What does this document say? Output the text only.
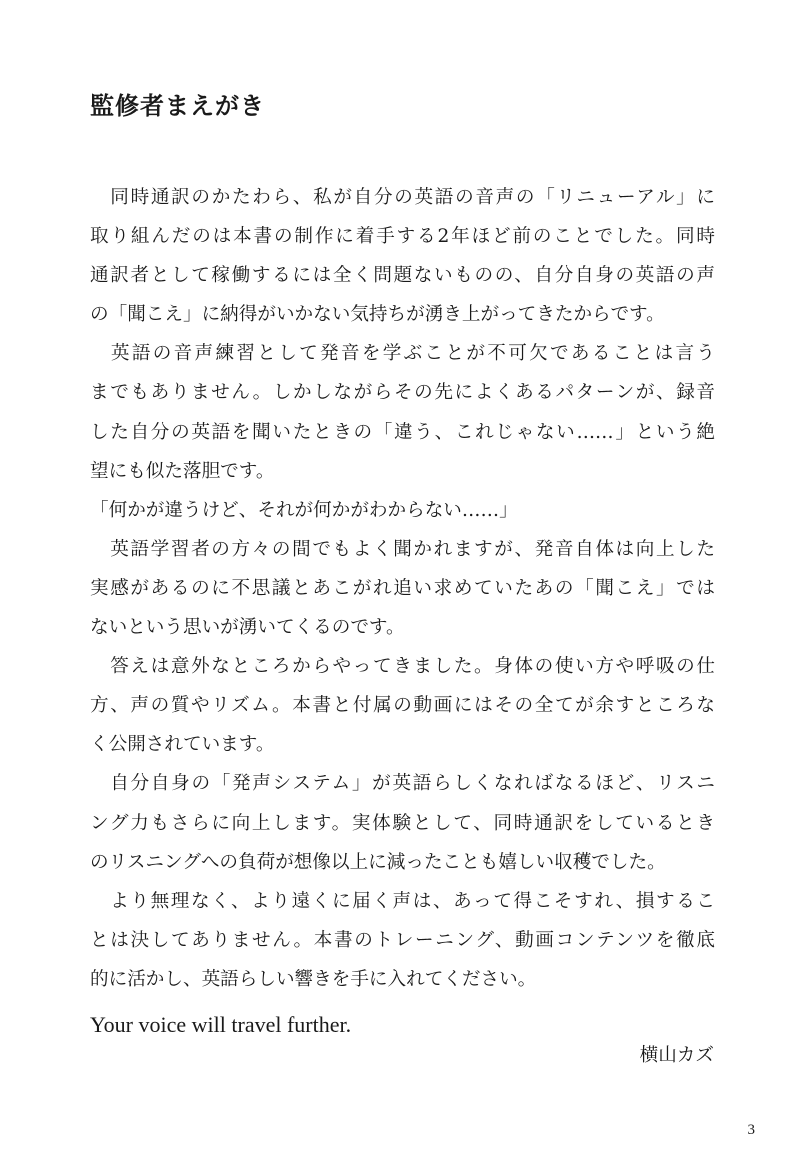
監修者まえがき
　同時通訳のかたわら、私が自分の英語の音声の「リニューアル」に
取り組んだのは本書の制作に着手する2年ほど前のことでした。同時
通訳者として稼働するには全く問題ないものの、自分自身の英語の声
の「聞こえ」に納得がいかない気持ちが湧き上がってきたからです。
　英語の音声練習として発音を学ぶことが不可欠であることは言う
までもありません。しかしながらその先によくあるパターンが、録音
した自分の英語を聞いたときの「違う、これじゃない……」という絶
望にも似た落胆です。
「何かが違うけど、それが何かがわからない……」
　英語学習者の方々の間でもよく聞かれますが、発音自体は向上した
実感があるのに不思議とあこがれ追い求めていたあの「聞こえ」では
ないという思いが湧いてくるのです。
　答えは意外なところからやってきました。身体の使い方や呼吸の仕
方、声の質やリズム。本書と付属の動画にはその全てが余すところな
く公開されています。
　自分自身の「発声システム」が英語らしくなればなるほど、リスニ
ング力もさらに向上します。実体験として、同時通訳をしているとき
のリスニングへの負荷が想像以上に減ったことも嬉しい収穫でした。
　より無理なく、より遠くに届く声は、あって得こそすれ、損するこ
とは決してありません。本書のトレーニング、動画コンテンツを徹底
的に活かし、英語らしい響きを手に入れてください。
Your voice will travel further.
横山カズ
3
